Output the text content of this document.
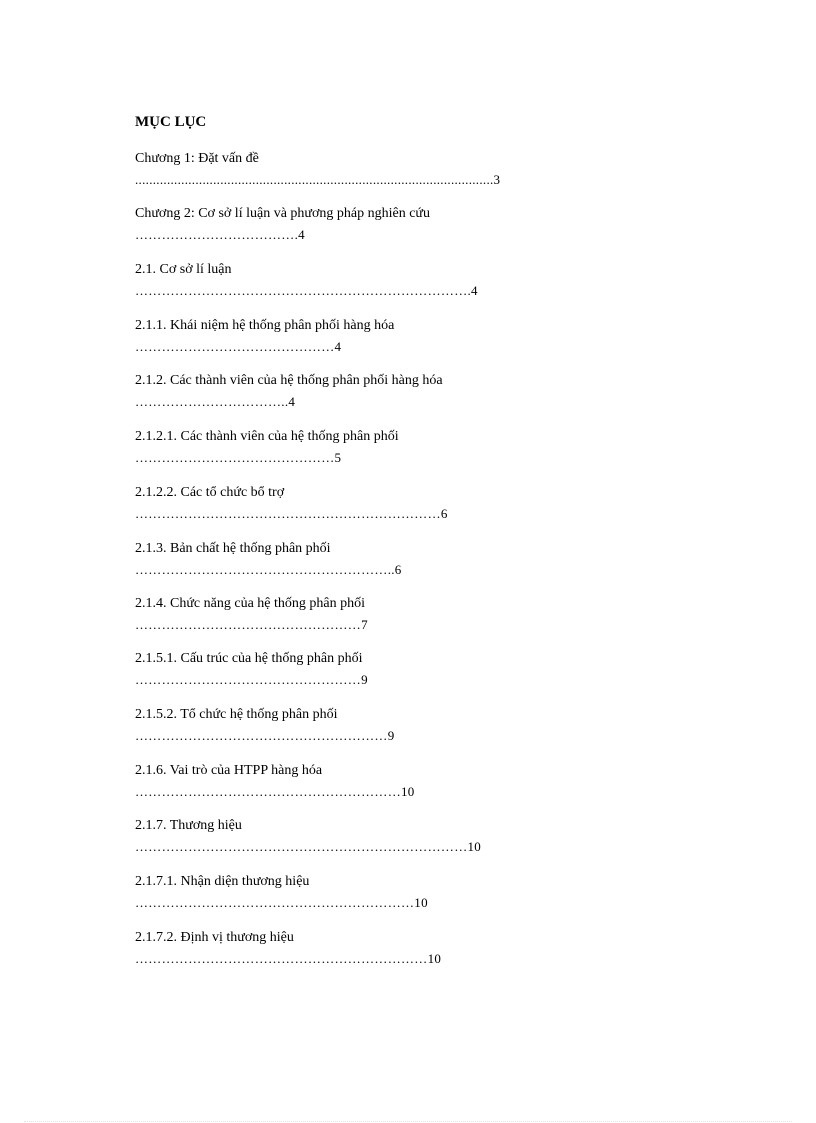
MỤC LỤC
Chương 1: Đặt vấn đề
.....................................................................................................3
Chương 2: Cơ sở lí luận và phương pháp nghiên cứu
……………………………….4
2.1. Cơ sở lí luận
………………………………………………………………….4
2.1.1. Khái niệm hệ thống phân phối hàng hóa
………………………………………4
2.1.2. Các thành viên của hệ thống phân phối hàng hóa
……………………………..4
2.1.2.1. Các thành viên của hệ thống phân phối
………………………………………5
2.1.2.2. Các tổ chức bổ trợ
……………………………………………………………6
2.1.3. Bản chất hệ thống phân phối
…………………………………………………..6
2.1.4. Chức năng của hệ thống phân phối
……………………………………………7
2.1.5.1. Cấu trúc của hệ thống phân phối
……………………………………………9
2.1.5.2. Tổ chức hệ thống phân phối
…………………………………………………9
2.1.6. Vai trò của HTPP hàng hóa
……………………………………………………10
2.1.7. Thương hiệu
…………………………………………………………………10
2.1.7.1. Nhận diện thương hiệu
………………………………………………………10
2.1.7.2. Định vị thương hiệu
…………………………………………………………10
